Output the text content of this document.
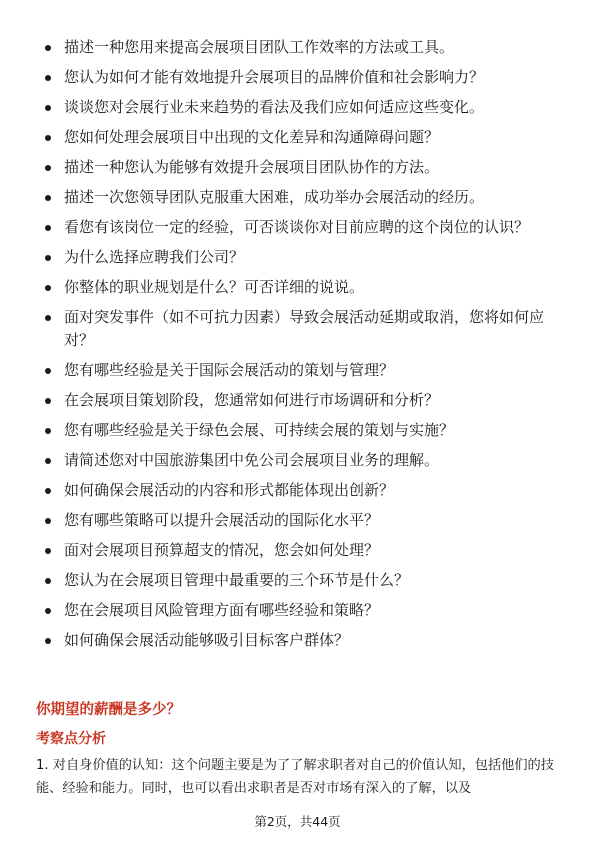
描述一种您用来提高会展项目团队工作效率的方法或工具。
您认为如何才能有效地提升会展项目的品牌价值和社会影响力？
谈谈您对会展行业未来趋势的看法及我们应如何适应这些变化。
您如何处理会展项目中出现的文化差异和沟通障碍问题？
描述一种您认为能够有效提升会展项目团队协作的方法。
描述一次您领导团队克服重大困难，成功举办会展活动的经历。
看您有该岗位一定的经验，可否谈谈你对目前应聘的这个岗位的认识？
为什么选择应聘我们公司？
你整体的职业规划是什么？可否详细的说说。
面对突发事件（如不可抗力因素）导致会展活动延期或取消，您将如何应对？
您有哪些经验是关于国际会展活动的策划与管理？
在会展项目策划阶段，您通常如何进行市场调研和分析？
您有哪些经验是关于绿色会展、可持续会展的策划与实施？
请简述您对中国旅游集团中免公司会展项目业务的理解。
如何确保会展活动的内容和形式都能体现出创新？
您有哪些策略可以提升会展活动的国际化水平？
面对会展项目预算超支的情况，您会如何处理？
您认为在会展项目管理中最重要的三个环节是什么？
您在会展项目风险管理方面有哪些经验和策略？
如何确保会展活动能够吸引目标客户群体？
你期望的薪酬是多少？
考察点分析

1. 对自身价值的认知：这个问题主要是为了了解求职者对自己的价值认知，包括他们的技能、经验和能力。同时，也可以看出求职者是否对市场有深入的了解，以及

第2页，共44页
